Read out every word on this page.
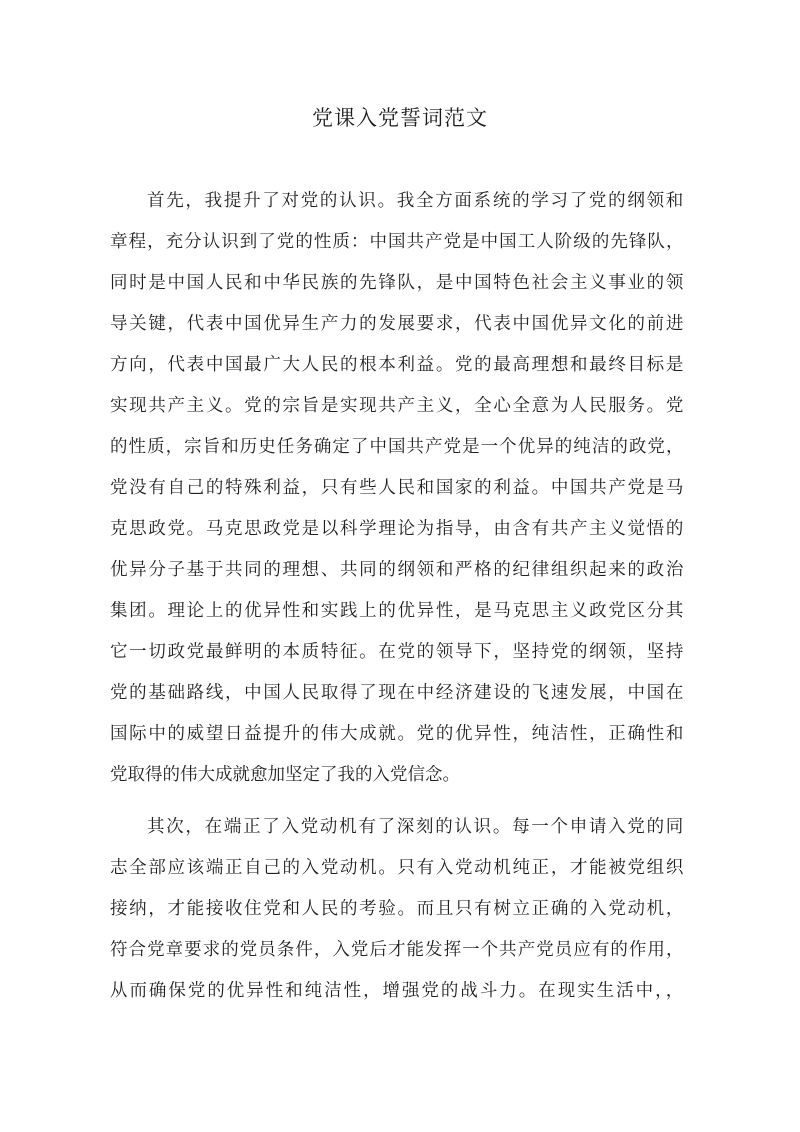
党课入党誓词范文
首先，我提升了对党的认识。我全方面系统的学习了党的纲领和
章程，充分认识到了党的性质：中国共产党是中国工人阶级的先锋队，
同时是中国人民和中华民族的先锋队，是中国特色社会主义事业的领
导关键，代表中国优异生产力的发展要求，代表中国优异文化的前进
方向，代表中国最广大人民的根本利益。党的最高理想和最终目标是
实现共产主义。党的宗旨是实现共产主义，全心全意为人民服务。党
的性质，宗旨和历史任务确定了中国共产党是一个优异的纯洁的政党，
党没有自己的特殊利益，只有些人民和国家的利益。中国共产党是马
克思政党。马克思政党是以科学理论为指导，由含有共产主义觉悟的
优异分子基于共同的理想、共同的纲领和严格的纪律组织起来的政治
集团。理论上的优异性和实践上的优异性，是马克思主义政党区分其
它一切政党最鲜明的本质特征。在党的领导下，坚持党的纲领，坚持
党的基础路线，中国人民取得了现在中经济建设的飞速发展，中国在
国际中的威望日益提升的伟大成就。党的优异性，纯洁性，正确性和
党取得的伟大成就愈加坚定了我的入党信念。
其次，在端正了入党动机有了深刻的认识。每一个申请入党的同
志全部应该端正自己的入党动机。只有入党动机纯正，才能被党组织
接纳，才能接收住党和人民的考验。而且只有树立正确的入党动机，
符合党章要求的党员条件，入党后才能发挥一个共产党员应有的作用，
从而确保党的优异性和纯洁性，增强党的战斗力。在现实生活中，，
